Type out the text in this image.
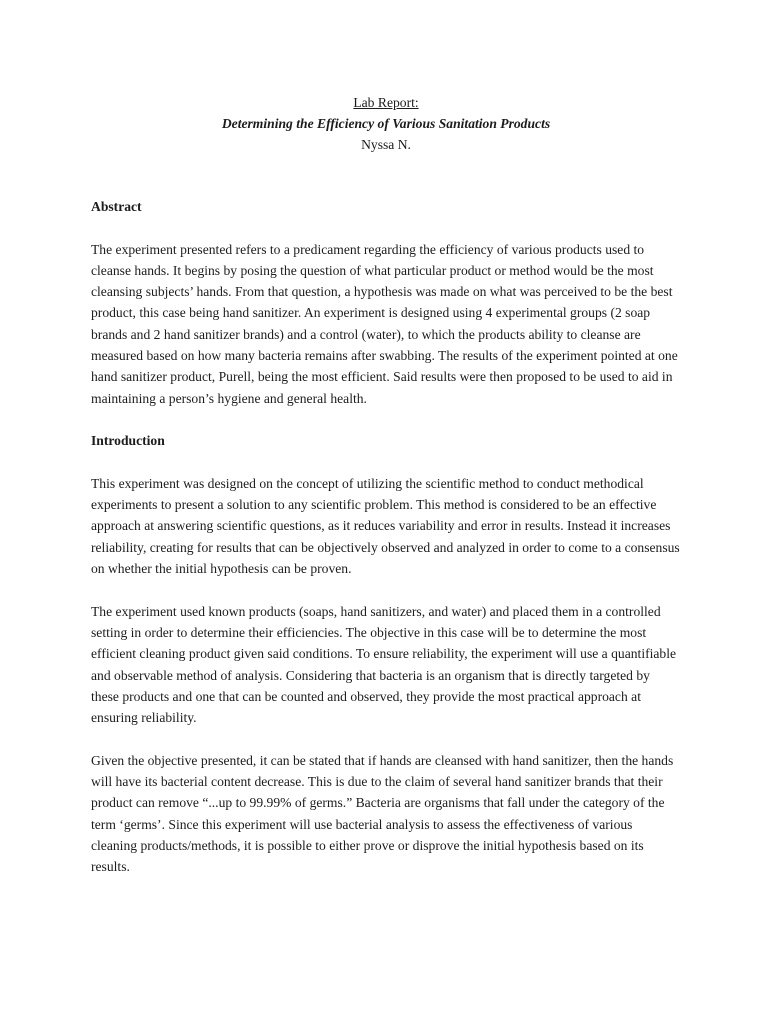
Lab Report:

Determining the Efficiency of Various Sanitation Products

Nyssa N.

Abstract

The experiment presented refers to a predicament regarding the efficiency of various products used to cleanse hands. It begins by posing the question of what particular product or method would be the most cleansing subjects’ hands. From that question, a hypothesis was made on what was perceived to be the best product, this case being hand sanitizer. An experiment is designed using 4 experimental groups (2 soap brands and 2 hand sanitizer brands) and a control (water), to which the products ability to cleanse are measured based on how many bacteria remains after swabbing. The results of the experiment pointed at one hand sanitizer product, Purell, being the most efficient. Said results were then proposed to be used to aid in maintaining a person’s hygiene and general health.

Introduction

This experiment was designed on the concept of utilizing the scientific method to conduct methodical experiments to present a solution to any scientific problem. This method is considered to be an effective approach at answering scientific questions, as it reduces variability and error in results. Instead it increases reliability, creating for results that can be objectively observed and analyzed in order to come to a consensus on whether the initial hypothesis can be proven.

The experiment used known products (soaps, hand sanitizers, and water) and placed them in a controlled setting in order to determine their efficiencies. The objective in this case will be to determine the most efficient cleaning product given said conditions. To ensure reliability, the experiment will use a quantifiable and observable method of analysis. Considering that bacteria is an organism that is directly targeted by these products and one that can be counted and observed, they provide the most practical approach at ensuring reliability.

Given the objective presented, it can be stated that if hands are cleansed with hand sanitizer, then the hands will have its bacterial content decrease. This is due to the claim of several hand sanitizer brands that their product can remove “...up to 99.99% of germs.” Bacteria are organisms that fall under the category of the term ‘germs’. Since this experiment will use bacterial analysis to assess the effectiveness of various cleaning products/methods, it is possible to either prove or disprove the initial hypothesis based on its results.
